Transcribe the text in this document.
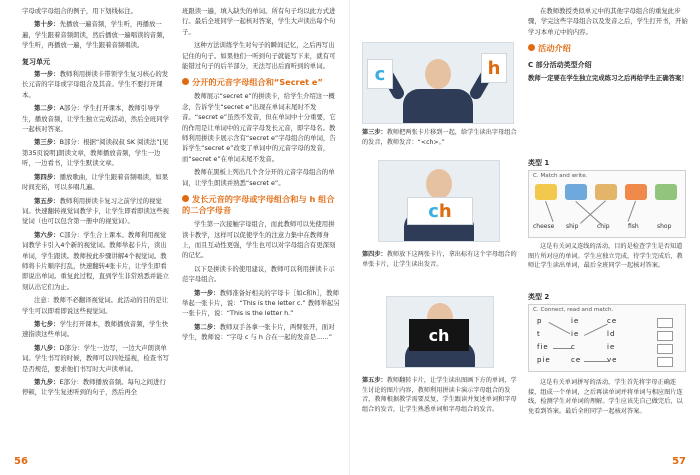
字母或字母组合的例子，用下划线标注。

第十步：先播放一遍音频，学生听，再播放一遍，学生跟着音频朗读，然后播放一遍唱读的音频，学生听，再播放一遍，学生跟着音频唱读。

复习单元

第一步：教师利用拼读卡带领学生复习核心的发长元音的字母或字母组合及其音。学生不要打开课本。

第二步：A部分：学生打开课本，教师引导学生，播放音频，让学生独立完成活动，然后全班同学一起核对答案。

第三步：B部分：根据“阅读叔叔 SK 阅读法”[见第35页说明]朗读文章，教师播放音频，学生一边听，一边看书，让学生默读文章。

第四步：播放歌曲，让学生跟着音频唱读，如果时间充裕，可以多唱几遍。

第五步：教师利用拼读卡复习之前学过的视觉词。快速翻转视觉词教学卡，让学生即看即读这些视觉词（也可以包含第一册中的视觉词）。

第六步：C部分：学生合上课本。教师利用视觉词教学卡引入4个新的视觉词。教师举起卡片，读出单词，学生跟读。教师按此步骤讲解4个视觉词。教师将卡片顺序打乱，快速翻转4张卡片，让学生即看即说出单词。重复此过程，直到学生非常熟悉并能立刻认出它们为止。

注意：教师不必翻译视觉词。此活动的目的是让学生可以即看即说这些视觉词。

第七步：学生打开课本，教师播放音频，学生快速指读这些单词。

第八步：D部分：学生一边写，一边大声朗读单词。学生书写的时候，教师可以四处巡视，检查书写是否规范，要求他们书写时大声读单词。

第九步：E部分：教师播放音频。每句之间进行停顿，让学生复述听到的句子，然后再全

班跟读一遍，填入缺失的单词。所有句子均以此方式进行。最后全班同学一起核对答案，学生大声读出每个句子。

这种方法训练学生对句子的瞬间记忆，之后再写出记住的句子。如果他们一听到句子就能写下来，就有可能错过句子的后半部分，无法写出后面听到的单词。

分开的元音字母组合和“Secret e”

教师展示“secret e”的拼读卡，给学生介绍这一概念，告诉学生“secret e”出现在单词末尾时不发音。“secret e”虽然不发音，但在单词中十分重要，它的作用是让单词中的元音字母发长元音，即字母名。教师利用拼读卡展示含有“secret e”字母组合的单词，告诉学生“secret e”改变了单词中的元音字母的发音，而“secret e”在单词末尾不发音。

教师在黑板上列出几个含分开的元音字母组合的单词，让学生朗读并熟悉“secret e”。

发长元音的字母或字母组合和与 h 组合的二合字母音

学生第一次接触字母组合，而此教师可以先使用拼读卡教学，这样可以促使学生的注意力集中在教师身上，而且互动性更强，学生也可以对字母组合有更深刻的记忆。

以下是拼读卡的使用建议，教师可以利用拼读卡示范字母组合。

第一步：教师准备好相关的字母卡［如c和h］，教师举起一张卡片，说：“This is the letter c.” 教师举起另一张卡片，说：“This is the letter h.”

第二步：教师双手各拿一张卡片，两臂张开，面对学生，教师说：“字母 c 与 h 合在一起的发音是……”

56
c	h
第三步：教师把两张卡片移到一起，给学生读出字母组合的发音，教师发音：“<ch>。”
c h
第四步：教师放下这两张卡片，拿出标有这个字母组合的单张卡片，让学生读出发音。
ch
第五步：教师翻转卡片，让学生读出图画下方的单词，学生讨论的图片内容，教师利用拼读卡演示字母组合的发音，教师根据教学需要反复，学生跟读并复述单词和字母组合的发音，让学生熟悉单词和字母组合的发音。

在教师教授类似单元中的其他字母组合的重复此步骤，学完这些字母组合以及发音之后，学生打开书，开始学习本单元中的内容。

活动介绍
C 部分活动类型介绍

教师一定要在学生独立完成练习之后再给学生正确答案！

类型 1
C. Match and write.
cheese ship	chip	fish	shop
这是有关词义连线的活动，目的是检查学生是否知道图片所对应的单词。学生应独立完成，待学生完成后，教师让学生读出单词，最后全班同学一起核对答案。
类型 2
C. Connect, read and match.
p	ie	ce
t	ie	ld
fie	c	ie
pie	ce	ve
这是有关单词拼写的活动，学生首先将字母正确连接，组成一个单词，之后再读单词并将单词与相应图片连线，检测学生对单词的理解。学生应该先自己做完后，以免看到答案。最后全班同学一起核对答案。
57
